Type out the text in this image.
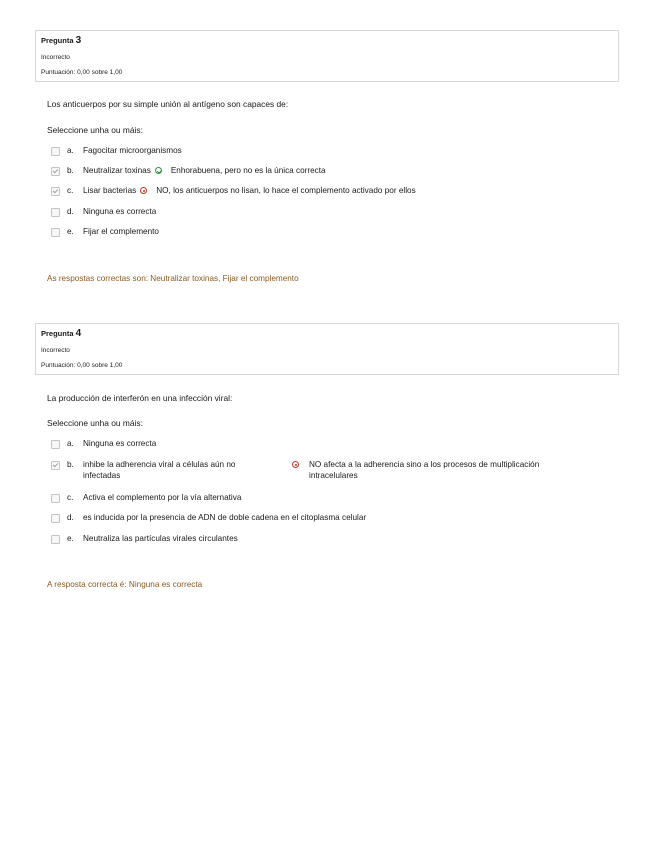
Pregunta 3
Incorrecto
Puntuación: 0,00 sobre 1,00
Los anticuerpos por su simple unión al antígeno son capaces de:
Seleccione unha ou máis:
a.	Fagocitar microorganismos
b.	Neutralizar toxinas Enhorabuena, pero no es la única correcta
c.	Lisar bacterias NO, los anticuerpos no lisan, lo hace el complemento activado por ellos
d.	Ninguna es correcta
e.	Fijar el complemento
As respostas correctas son: Neutralizar toxinas, Fijar el complemento
Pregunta 4
Incorrecto
Puntuación: 0,00 sobre 1,00
La producción de interferón en una infección viral:
Seleccione unha ou máis:
a.	Ninguna es correcta
b.	inhibe la adherencia viral a células aún no
infectadas
NO afecta a la adherencia sino a los procesos de multiplicación
intracelulares
c.	Activa el complemento por la vía alternativa
d.	es inducida por la presencia de ADN de doble cadena en el citoplasma celular
e.	Neutraliza las partículas virales circulantes
A resposta correcta é: Ninguna es correcta
